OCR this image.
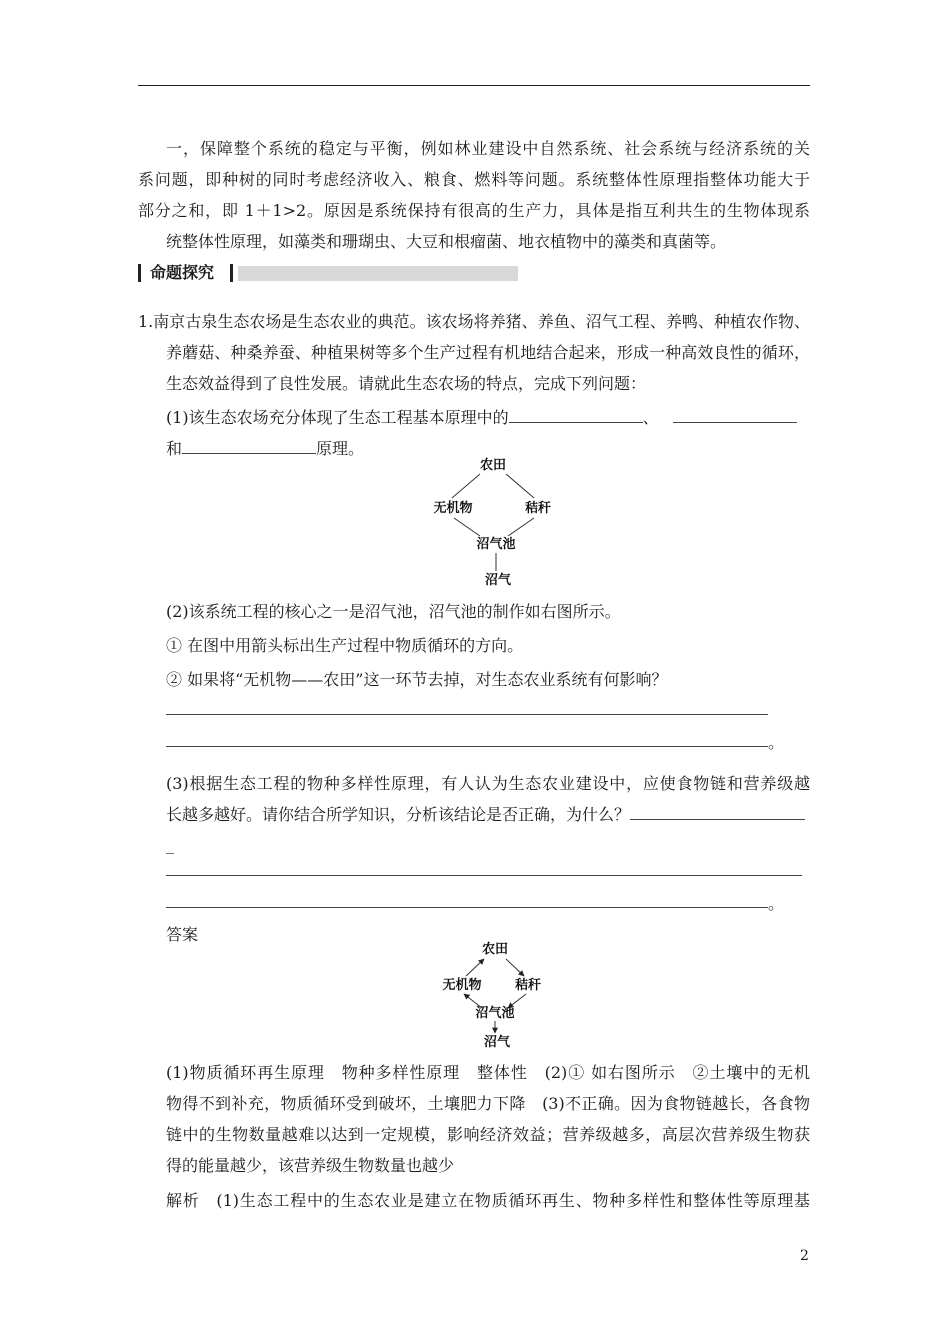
一，保障整个系统的稳定与平衡，例如林业建设中自然系统、社会系统与经济系统的关
系问题，即种树的同时考虑经济收入、粮食、燃料等问题。系统整体性原理指整体功能大于
部分之和，即 1＋1>2。原因是系统保持有很高的生产力，具体是指互利共生的生物体现系
统整体性原理，如藻类和珊瑚虫、大豆和根瘤菌、地衣植物中的藻类和真菌等。
命题探究
1.南京古泉生态农场是生态农业的典范。该农场将养猪、养鱼、沼气工程、养鸭、种植农作物、
养蘑菇、种桑养蚕、种植果树等多个生产过程有机地结合起来，形成一种高效良性的循环，
生态效益得到了良性发展。请就此生态农场的特点，完成下列问题：
(1)该生态农场充分体现了生态工程基本原理中的	、
和	原理。
农田
无机物	秸秆
沼气池
沼气
(2)该系统工程的核心之一是沼气池，沼气池的制作如右图所示。
① 在图中用箭头标出生产过程中物质循环的方向。
② 如果将“无机物——农田”这一环节去掉，对生态农业系统有何影响？
。
(3)根据生态工程的物种多样性原理，有人认为生态农业建设中，应使食物链和营养级越
长越多越好。请你结合所学知识，分析该结论是否正确，为什么？
_
。
答案
农田
无机物	秸秆
沼气池
沼气
(1)物质循环再生原理　物种多样性原理　整体性　(2)① 如右图所示　②土壤中的无机
物得不到补充，物质循环受到破坏，土壤肥力下降　(3)不正确。因为食物链越长，各食物
链中的生物数量越难以达到一定规模，影响经济效益；营养级越多，高层次营养级生物获
得的能量越少，该营养级生物数量也越少
解析　(1)生态工程中的生态农业是建立在物质循环再生、物种多样性和整体性等原理基
2
